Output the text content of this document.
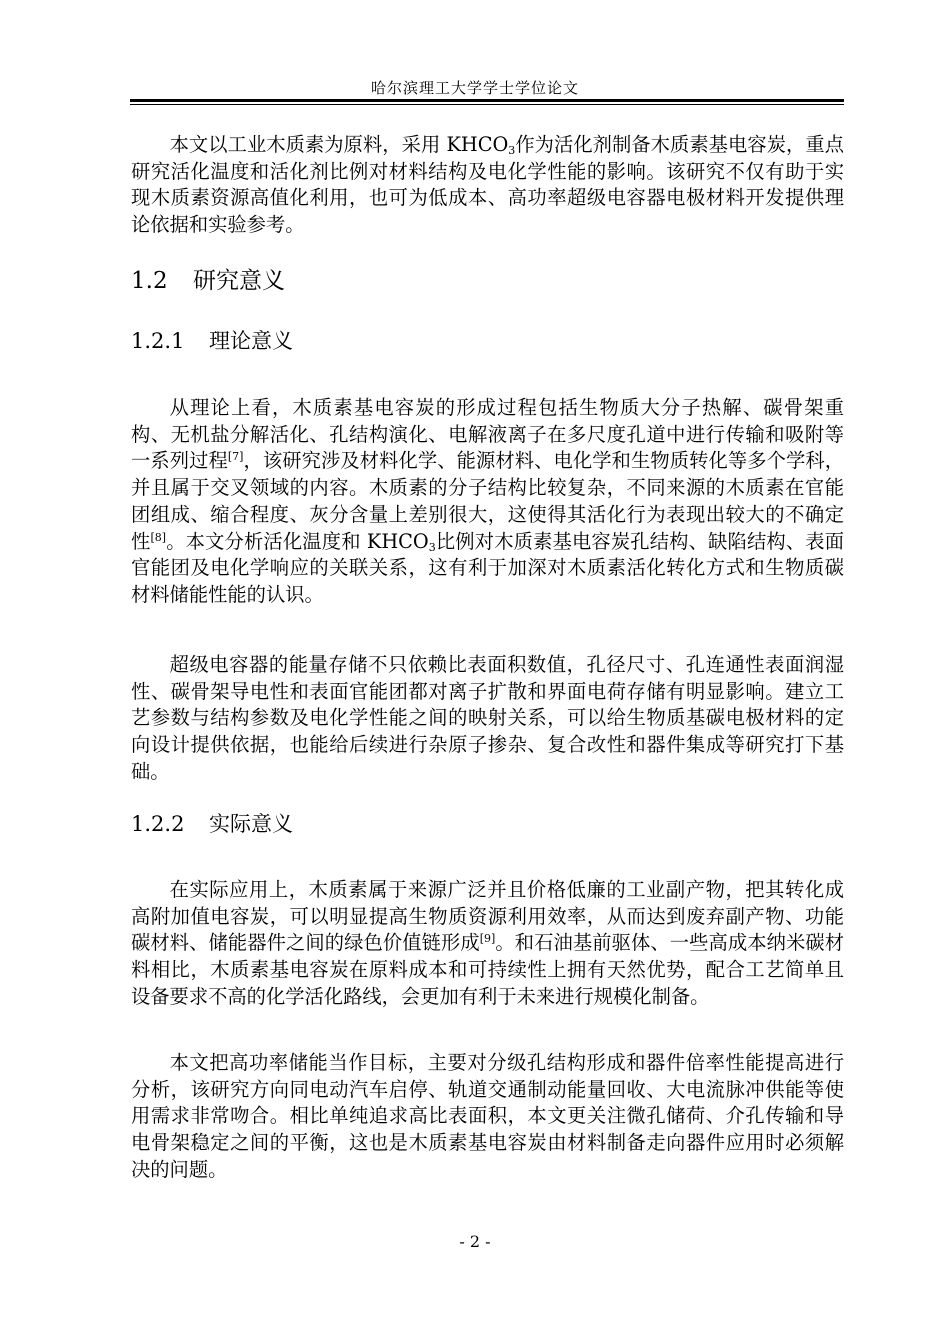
哈尔滨理工大学学士学位论文

本文以工业木质素为原料，采用 $KHCO_3$作为活化剂制备木质素基电容炭，重点研究活化温度和活化剂比例对材料结构及电化学性能的影响。该研究不仅有助于实现木质素资源高值化利用，也可为低成本、高功率超级电容器电极材料开发提供理论依据和实验参考。

1.2 研究意义
1.2.1 理论意义

从理论上看，木质素基电容炭的形成过程包括生物质大分子热解、碳骨架重构、无机盐分解活化、孔结构演化、电解液离子在多尺度孔道中进行传输和吸附等一系列过程[7]，该研究涉及材料化学、能源材料、电化学和生物质转化等多个学科，并且属于交叉领域的内容。木质素的分子结构比较复杂，不同来源的木质素在官能团组成、缩合程度、灰分含量上差别很大，这使得其活化行为表现出较大的不确定性[8]。本文分析活化温度和 $KHCO_3$比例对木质素基电容炭孔结构、缺陷结构、表面官能团及电化学响应的关联关系，这有利于加深对木质素活化转化方式和生物质碳材料储能性能的认识。

超级电容器的能量存储不只依赖比表面积数值，孔径尺寸、孔连通性表面润湿性、碳骨架导电性和表面官能团都对离子扩散和界面电荷存储有明显影响。建立工艺参数与结构参数及电化学性能之间的映射关系，可以给生物质基碳电极材料的定向设计提供依据，也能给后续进行杂原子掺杂、复合改性和器件集成等研究打下基础。

1.2.2 实际意义

在实际应用上，木质素属于来源广泛并且价格低廉的工业副产物，把其转化成高附加值电容炭，可以明显提高生物质资源利用效率，从而达到废弃副产物、功能碳材料、储能器件之间的绿色价值链形成[9]。和石油基前驱体、一些高成本纳米碳材料相比，木质素基电容炭在原料成本和可持续性上拥有天然优势，配合工艺简单且设备要求不高的化学活化路线，会更加有利于未来进行规模化制备。

本文把高功率储能当作目标，主要对分级孔结构形成和器件倍率性能提高进行分析，该研究方向同电动汽车启停、轨道交通制动能量回收、大电流脉冲供能等使用需求非常吻合。相比单纯追求高比表面积，本文更关注微孔储荷、介孔传输和导电骨架稳定之间的平衡，这也是木质素基电容炭由材料制备走向器件应用时必须解决的问题。

- 2 -
